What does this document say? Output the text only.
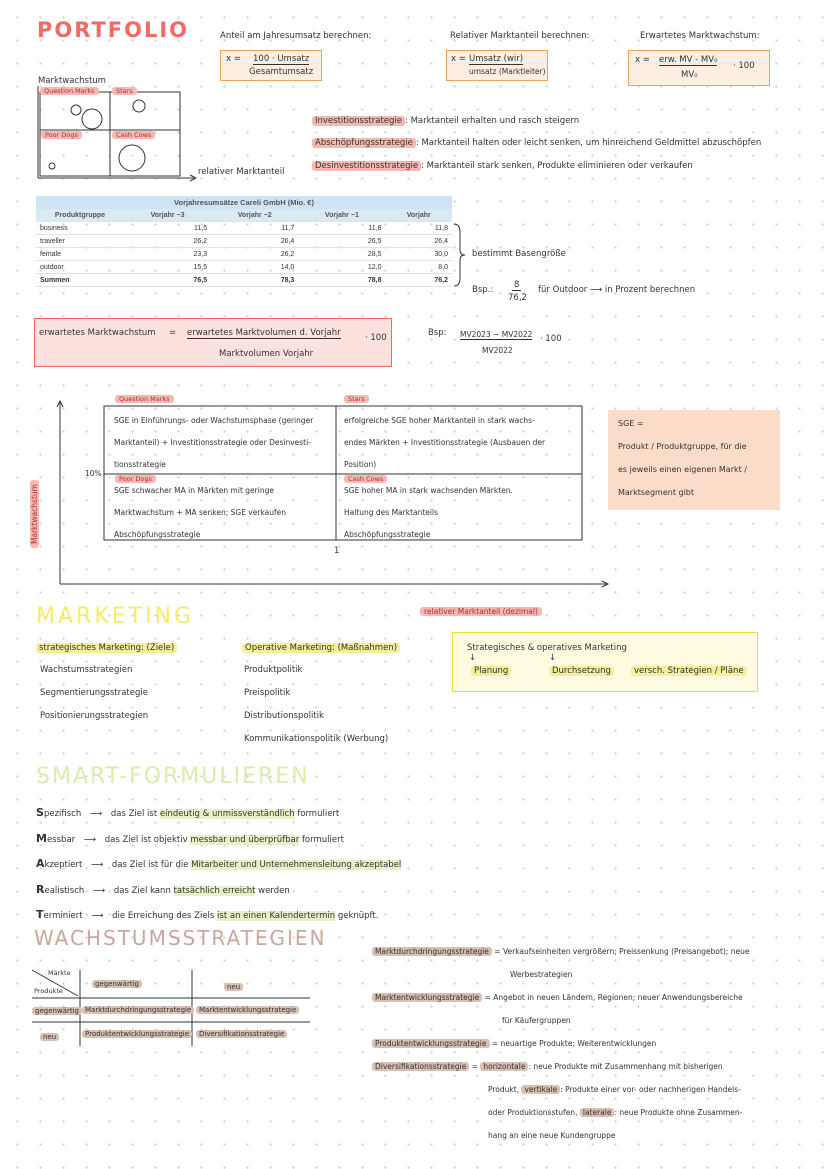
PORTFOLIO	Anteil am Jahresumsatz berechnen:
x = 100 · Umsatz
Gesamtumsatz
Relativer Marktanteil berechnen:
x = Umsatz (wir)
umsatz (Marktleiter)
Erwartetes Marktwachstum:
x = erw. MV - MV₀
MV₀
· 100
Marktwachstum
Question Marks	Stars
Poor Dogs	Cash Cows
relativer Marktanteil
Investitionsstrategie : Marktanteil erhalten und rasch steigern
Abschöpfungsstrategie : Marktanteil halten oder leicht senken, um hinreichend Geldmittel abzuschöpfen
Desinvestitionsstrategie : Marktanteil stark senken, Produkte eliminieren oder verkaufen
Vorjahresumsätze Careli GmbH (Mio. €)
Produktgruppe	Vorjahr −3	Vorjahr −2	Vorjahr −1	Vorjahr
business	11,5	11,7	11,8	11,8
traveller	26,2	26,4	26,5	26,4
female	23,3	26,2	28,5	30,0
outdoor	15,5	14,0	12,0	8,0
Summen	76,5	78,3	78,8	76,2
bestimmt Basengröße
Bsp.: 8
76,2
für Outdoor ⟶ in Prozent berechnen
erwartetes Marktwachstum = erwartetes Marktvolumen d. Vorjahr
Marktvolumen Vorjahr
· 100	Bsp: MV2023 − MV2022
MV2022
· 100
Marktwachstum
10%
1
relativer Marktanteil (dezimal)
Question Marks	Stars
Poor Dogs	Cash Cows
SGE in Einführungs- oder Wachstumsphase (geringer
Marktanteil) + Investitionsstrategie oder Desinvesti-
tionsstrategie
erfolgreiche SGE hoher Marktanteil in stark wachs-
endes Märkten + Investitionsstrategie (Ausbauen der
Position)
SGE schwacher MA in Märkten mit geringe
Marktwachstum + MA senken; SGE verkaufen
Abschöpfungsstrategie
SGE hoher MA in stark wachsenden Märkten.
Haltung des Marktanteils
Abschöpfungsstrategie
SGE =
Produkt / Produktgruppe, für die
es jeweils einen eigenen Markt /
Marktsegment gibt
MARKETING
strategisches Marketing: (Ziele)
Wachstumsstrategien
Segmentierungsstrategie
Positionierungsstrategien
Operative Marketing: (Maßnahmen)
Produktpolitik
Preispolitik
Distributionspolitik
Kommunikationspolitik (Werbung)
Strategisches & operatives Marketing
↓	↓
Planung	Durchsetzung	versch. Strategien / Pläne
SMART-FORMULIEREN
Spezifisch ⟶ das Ziel ist eindeutig & unmissverständlich formuliert
Messbar ⟶ das Ziel ist objektiv messbar und überprüfbar formuliert
Akzeptiert ⟶ das Ziel ist für die Mitarbeiter und Unternehmensleitung akzeptabel
Realistisch ⟶ das Ziel kann tatsächlich erreicht werden
Terminiert ⟶ die Erreichung des Ziels ist an einen Kalendertermin geknüpft.
WACHSTUMSSTRATEGIEN
Märkte
Produkte
gegenwärtig	neu
gegenwärtig
neu
Marktdurchdringungsstrategie	Marktentwicklungsstrategie
Produktentwicklungsstrategie	Diversifikationsstrategie
Marktdurchdringungsstrategie = Verkaufseinheiten vergrößern; Preissenkung (Preisangebot); neue
Werbestrategien
Marktentwicklungsstrategie = Angebot in neuen Ländern, Regionen; neuer Anwendungsbereiche
für Käufergruppen
Produktentwicklungsstrategie = neuartige Produkte; Weiterentwicklungen
Diversifikationsstrategie = horizontale : neue Produkte mit Zusammenhang mit bisherigen
Produkt, vertikale : Produkte einer vor- oder nachherigen Handels-
oder Produktionsstufen, laterale : neue Produkte ohne Zusammen-
hang an eine neue Kundengruppe
